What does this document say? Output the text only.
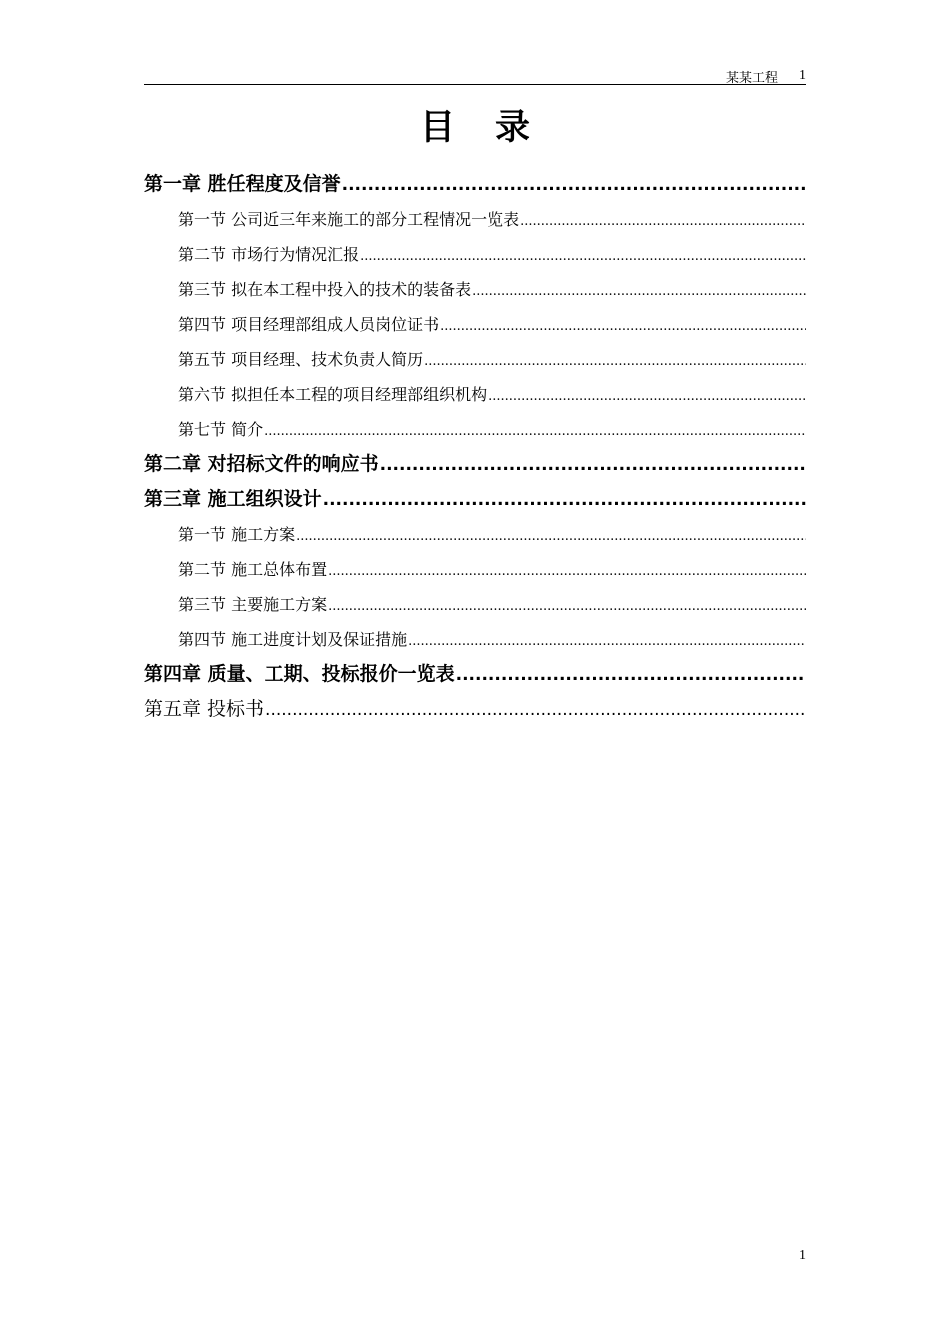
某某工程 1
目录
第一章 胜任程度及信誉
.....
第一节 公司近三年来施工的部分工程情况一览表
.....
第二节 市场行为情况汇报
.....
第三节 拟在本工程中投入的技术的装备表
.....
第四节 项目经理部组成人员岗位证书
.....
第五节 项目经理、技术负责人简历
.....
第六节 拟担任本工程的项目经理部组织机构
.....
第七节 简介
.....
第二章 对招标文件的响应书
.....
第三章 施工组织设计
.....
第一节 施工方案
.....
第二节 施工总体布置
.....
第三节 主要施工方案
.....
第四节 施工进度计划及保证措施
.....
第四章 质量、工期、投标报价一览表
.....
第五章 投标书
.....
1
